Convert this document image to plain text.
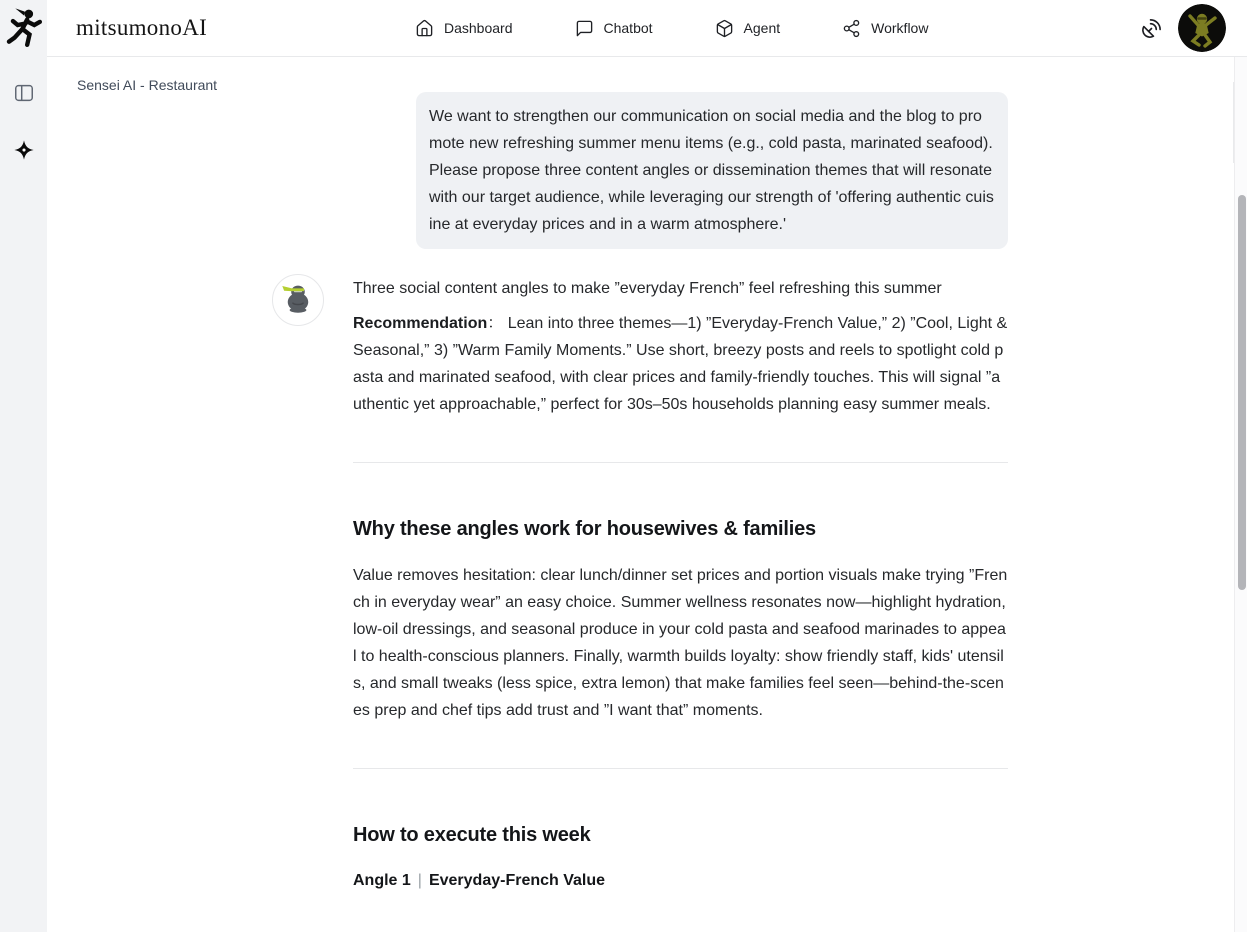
mitsumonoAI	Dashboard	Chatbot	Agent	Workflow
Sensei AI - Restaurant
We want to strengthen our communication on social media and the blog to promote new refreshing summer menu items (e.g., cold pasta, marinated seafood). Please propose three content angles or dissemination themes that will resonate with our target audience, while leveraging our strength of 'offering authentic cuisine at everyday prices and in a warm atmosphere.'

Three social content angles to make ”everyday French” feel refreshing this summer

Recommendation： Lean into three themes—1) ”Everyday-French Value,” 2) ”Cool, Light & Seasonal,” 3) ”Warm Family Moments.” Use short, breezy posts and reels to spotlight cold pasta and marinated seafood, with clear prices and family-friendly touches. This will signal ”authentic yet approachable,” perfect for 30s–50s households planning easy summer meals.

Why these angles work for housewives & families

Value removes hesitation: clear lunch/dinner set prices and portion visuals make trying ”French in everyday wear” an easy choice. Summer wellness resonates now—highlight hydration, low-oil dressings, and seasonal produce in your cold pasta and seafood marinades to appeal to health-conscious planners. Finally, warmth builds loyalty: show friendly staff, kids' utensils, and small tweaks (less spice, extra lemon) that make families feel seen—behind-the-scenes prep and chef tips add trust and ”I want that” moments.

How to execute this week
Angle 1 | Everyday-French Value
